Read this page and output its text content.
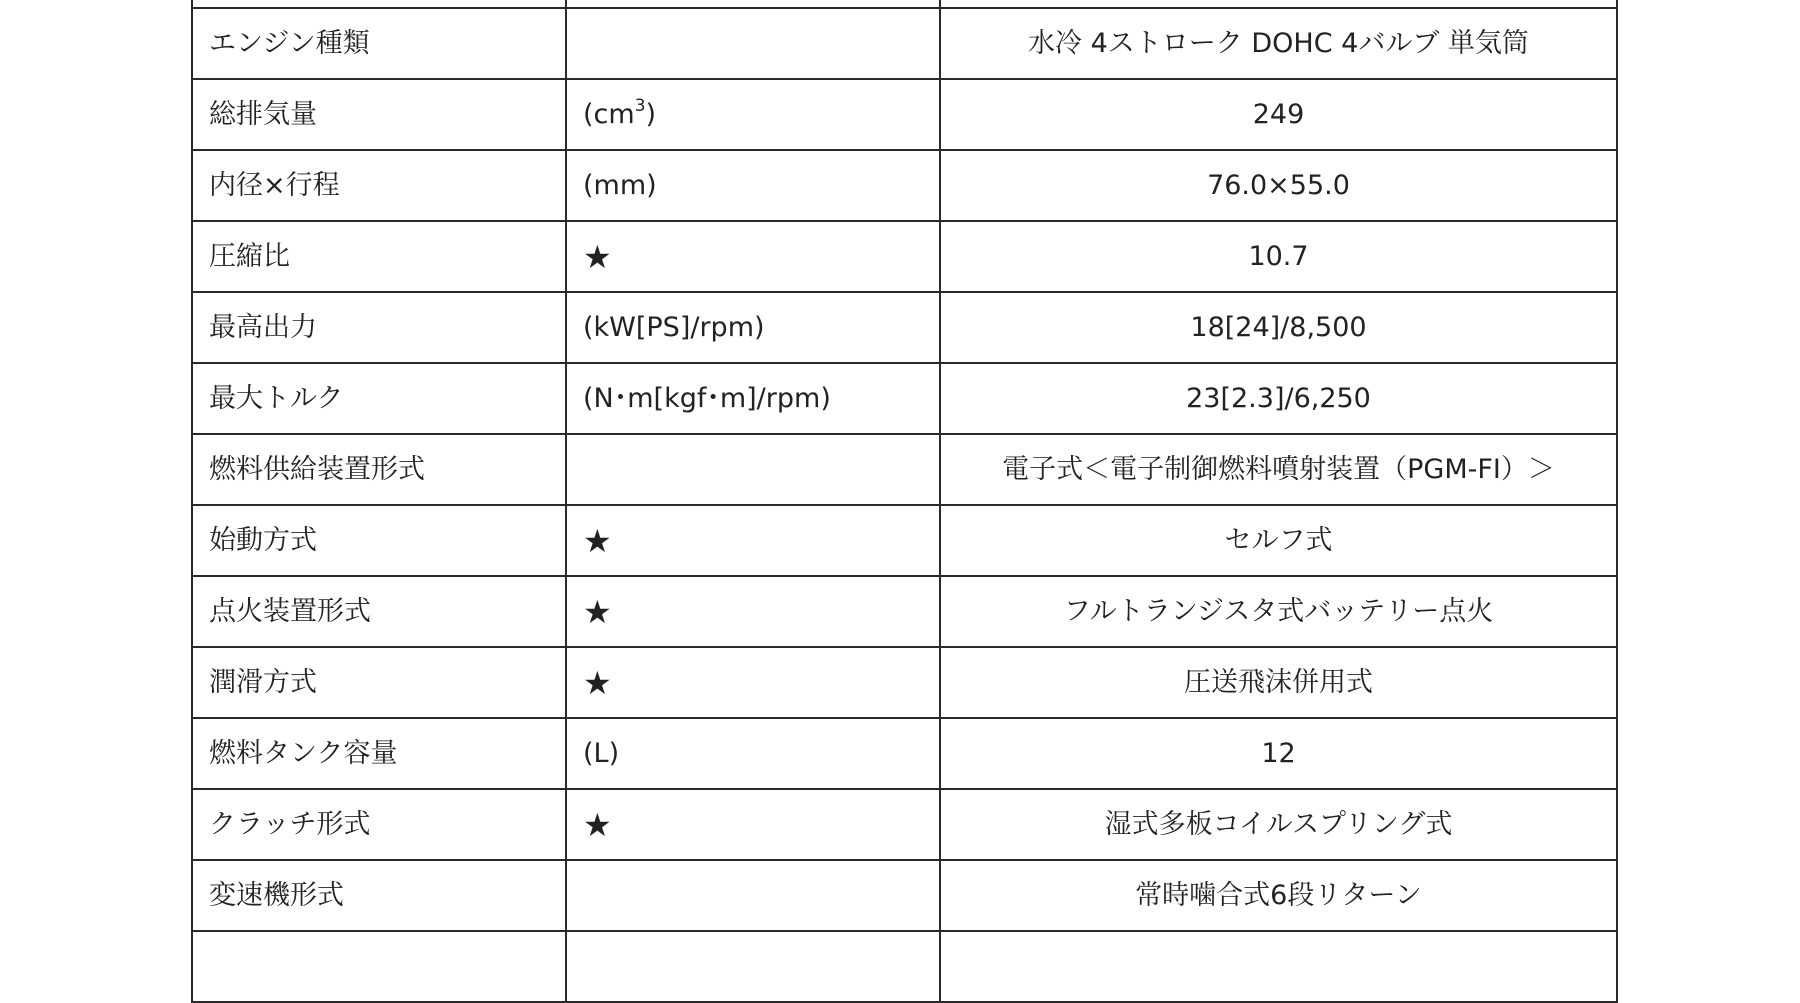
エンジン種類		水冷 4ストローク DOHC 4バルブ 単気筒
総排気量	$(cm^3)$	249
内径×行程	(mm)	76.0×55.0
圧縮比	★	10.7
最高出力	(kW[PS]/rpm)	18[24]/8,500
最大トルク	(N･m[kgf･m]/rpm)	23[2.3]/6,250
燃料供給装置形式		電子式＜電子制御燃料噴射装置（PGM-FI）＞
始動方式	★	セルフ式
点火装置形式	★	フルトランジスタ式バッテリー点火
潤滑方式	★	圧送飛沫併用式
燃料タンク容量	(L)	12
クラッチ形式	★	湿式多板コイルスプリング式
変速機形式		常時噛合式6段リターン
